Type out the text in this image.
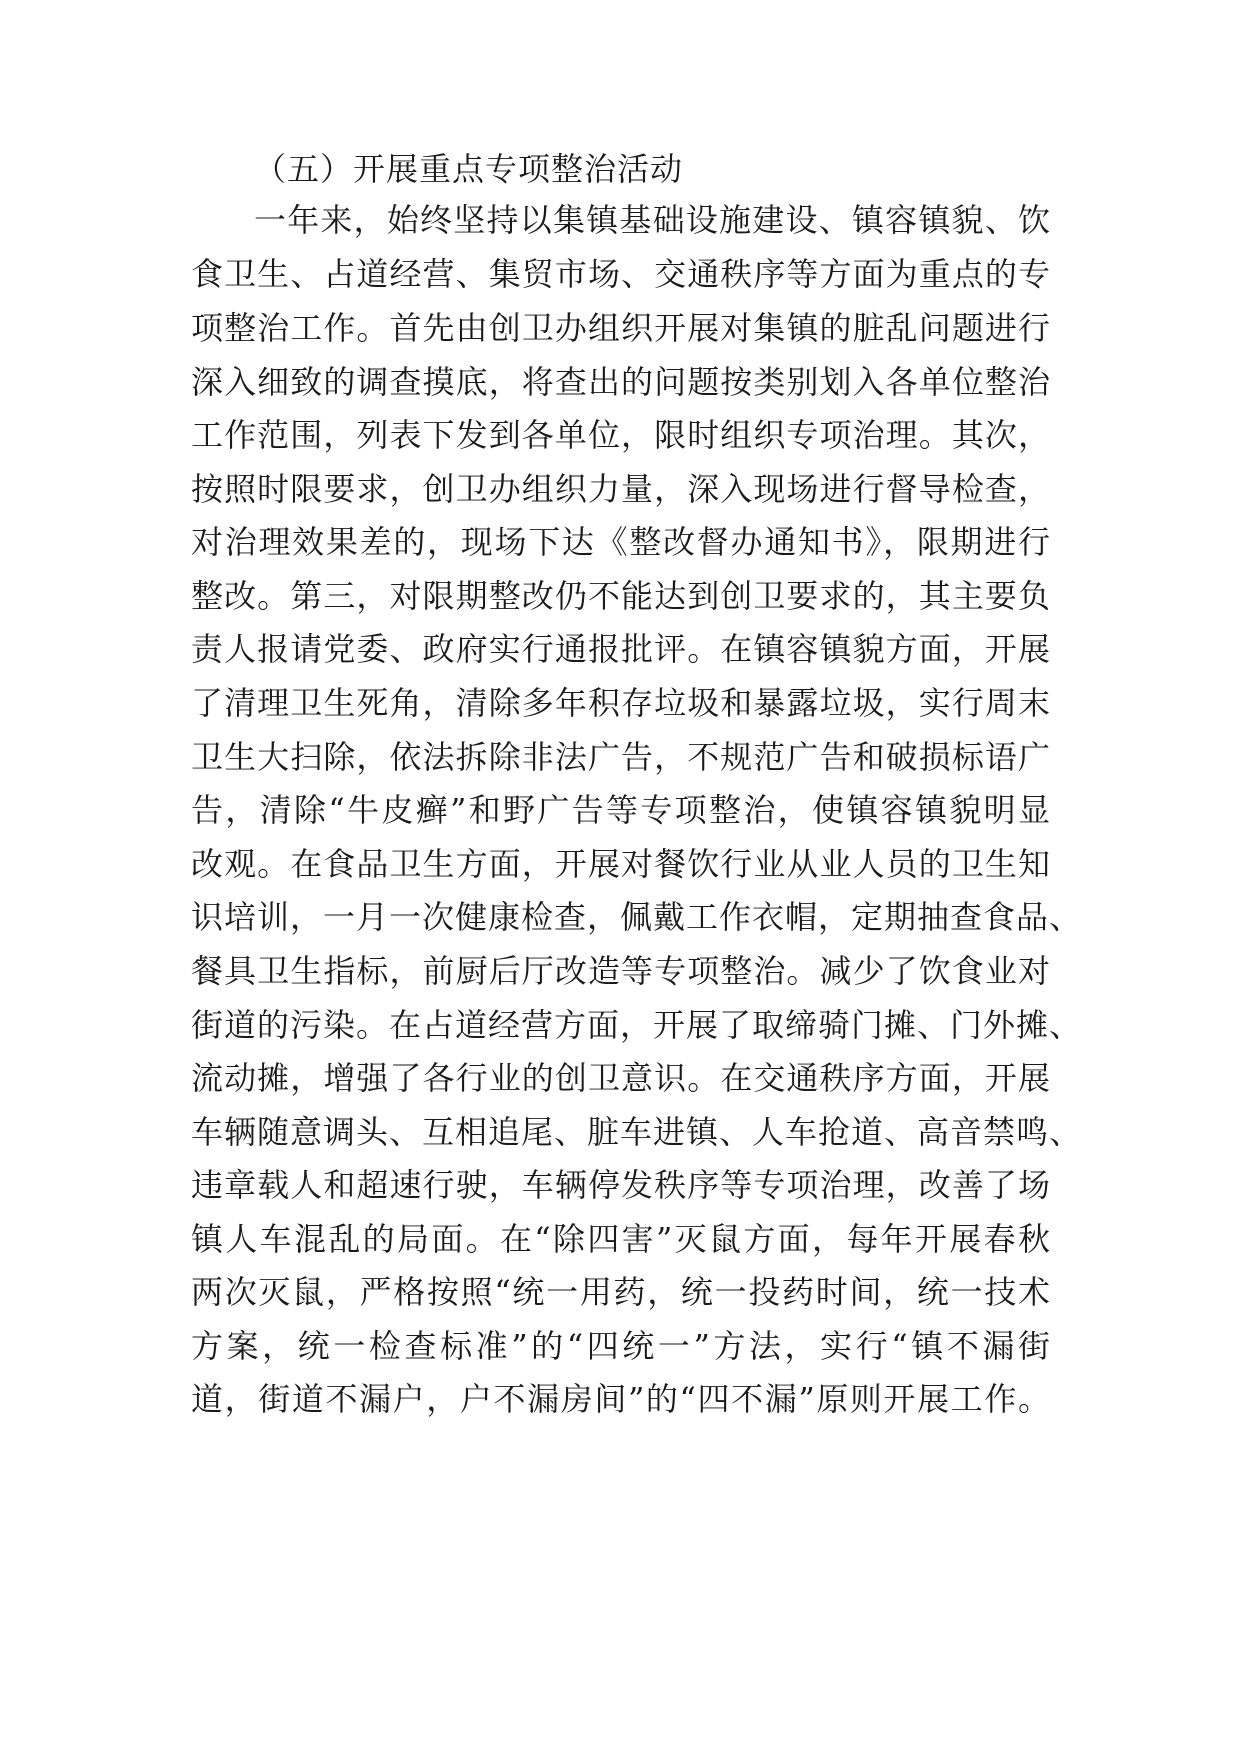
（五）开展重点专项整治活动
一年来，始终坚持以集镇基础设施建设、镇容镇貌、饮
食卫生、占道经营、集贸市场、交通秩序等方面为重点的专
项整治工作。首先由创卫办组织开展对集镇的脏乱问题进行
深入细致的调查摸底，将查出的问题按类别划入各单位整治
工作范围，列表下发到各单位，限时组织专项治理。其次，
按照时限要求，创卫办组织力量，深入现场进行督导检查，
对治理效果差的，现场下达《整改督办通知书》，限期进行
整改。第三，对限期整改仍不能达到创卫要求的，其主要负
责人报请党委、政府实行通报批评。在镇容镇貌方面，开展
了清理卫生死角，清除多年积存垃圾和暴露垃圾，实行周末
卫生大扫除，依法拆除非法广告，不规范广告和破损标语广
告，清除“牛皮癣”和野广告等专项整治，使镇容镇貌明显
改观。在食品卫生方面，开展对餐饮行业从业人员的卫生知
识培训，一月一次健康检查，佩戴工作衣帽，定期抽查食品、
餐具卫生指标，前厨后厅改造等专项整治。减少了饮食业对
街道的污染。在占道经营方面，开展了取缔骑门摊、门外摊、
流动摊，增强了各行业的创卫意识。在交通秩序方面，开展
车辆随意调头、互相追尾、脏车进镇、人车抢道、高音禁鸣、
违章载人和超速行驶，车辆停发秩序等专项治理，改善了场
镇人车混乱的局面。在“除四害”灭鼠方面，每年开展春秋
两次灭鼠，严格按照“统一用药，统一投药时间，统一技术
方案，统一检查标准”的“四统一”方法，实行“镇不漏街
道，街道不漏户，户不漏房间”的“四不漏”原则开展工作。
